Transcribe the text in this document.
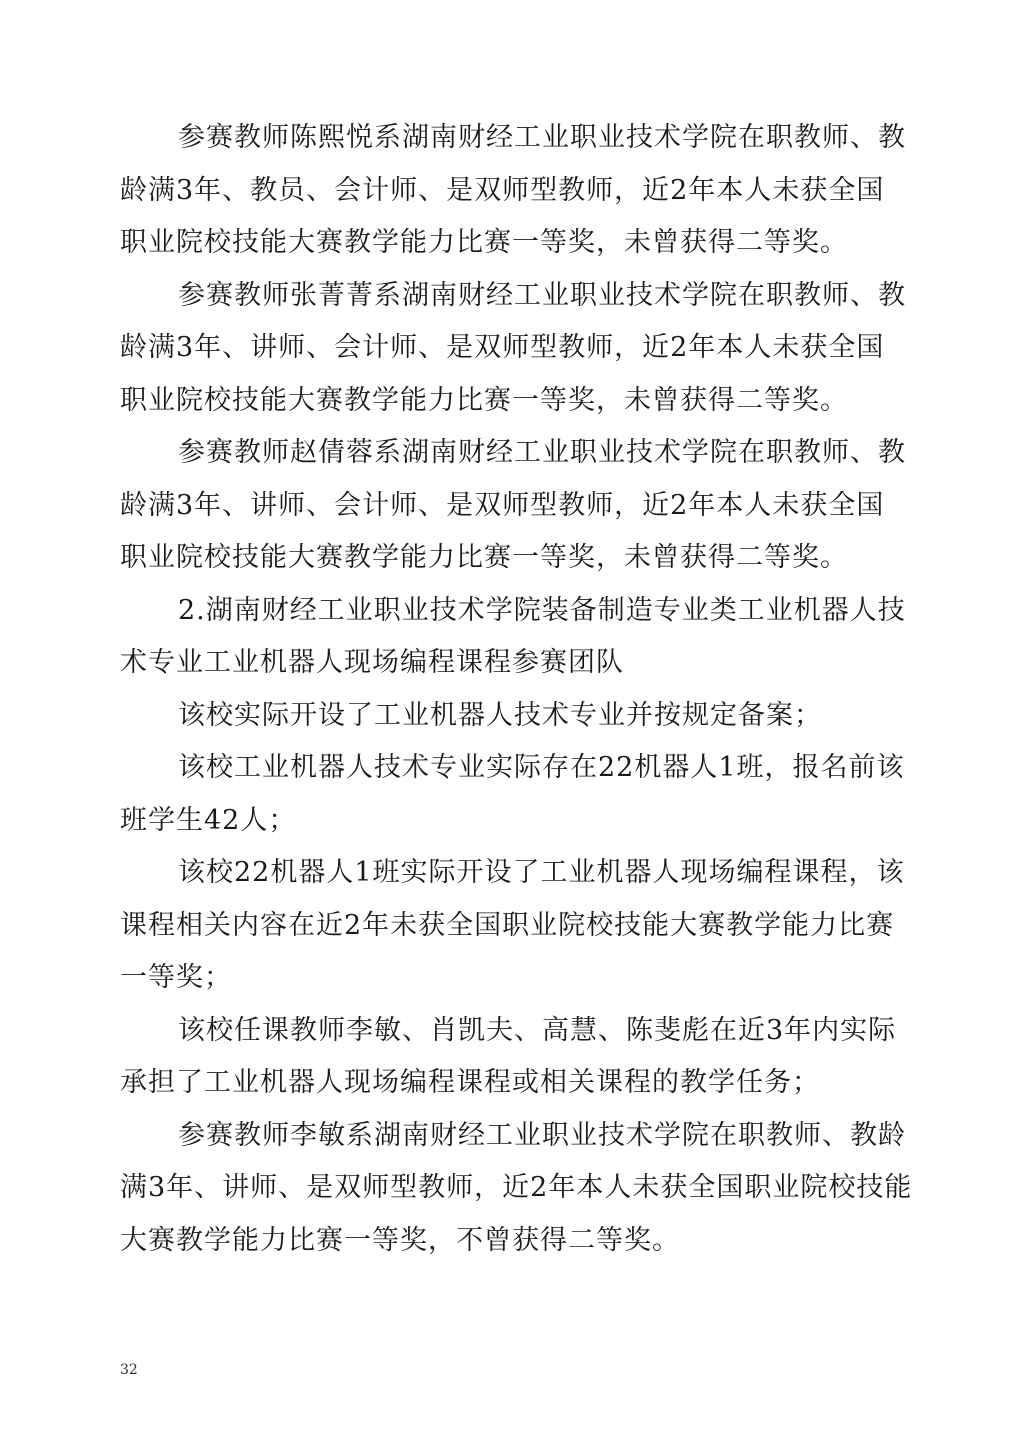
参赛教师陈熙悦系湖南财经工业职业技术学院在职教师、教
龄满3年、教员、会计师、是双师型教师，近2年本人未获全国
职业院校技能大赛教学能力比赛一等奖，未曾获得二等奖。
参赛教师张菁菁系湖南财经工业职业技术学院在职教师、教
龄满3年、讲师、会计师、是双师型教师，近2年本人未获全国
职业院校技能大赛教学能力比赛一等奖，未曾获得二等奖。
参赛教师赵倩蓉系湖南财经工业职业技术学院在职教师、教
龄满3年、讲师、会计师、是双师型教师，近2年本人未获全国
职业院校技能大赛教学能力比赛一等奖，未曾获得二等奖。
2.湖南财经工业职业技术学院装备制造专业类工业机器人技
术专业工业机器人现场编程课程参赛团队
该校实际开设了工业机器人技术专业并按规定备案；
该校工业机器人技术专业实际存在22机器人1班，报名前该
班学生42人；
该校22机器人1班实际开设了工业机器人现场编程课程，该
课程相关内容在近2年未获全国职业院校技能大赛教学能力比赛
一等奖；
该校任课教师李敏、肖凯夫、高慧、陈斐彪在近3年内实际
承担了工业机器人现场编程课程或相关课程的教学任务；
参赛教师李敏系湖南财经工业职业技术学院在职教师、教龄
满3年、讲师、是双师型教师，近2年本人未获全国职业院校技能
大赛教学能力比赛一等奖，不曾获得二等奖。
32
